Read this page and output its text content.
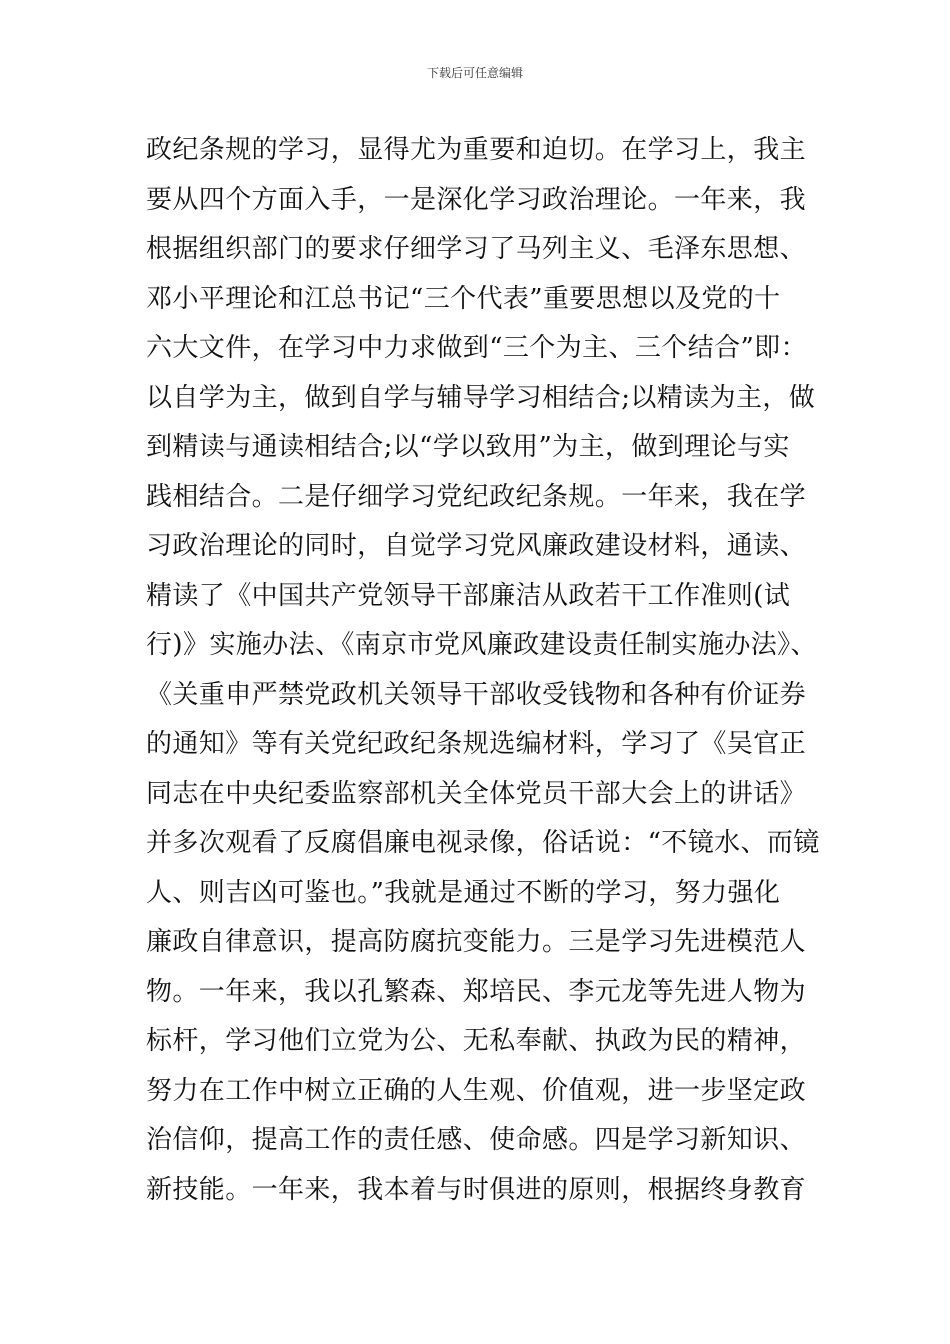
下载后可任意编辑
政纪条规的学习，显得尤为重要和迫切。在学习上，我主
要从四个方面入手，一是深化学习政治理论。一年来，我
根据组织部门的要求仔细学习了马列主义、毛泽东思想、
邓小平理论和江总书记“三个代表”重要思想以及党的十
六大文件，在学习中力求做到“三个为主、三个结合”即：
以自学为主，做到自学与辅导学习相结合;以精读为主，做
到精读与通读相结合;以“学以致用”为主，做到理论与实
践相结合。二是仔细学习党纪政纪条规。一年来，我在学
习政治理论的同时，自觉学习党风廉政建设材料，通读、
精读了《中国共产党领导干部廉洁从政若干工作准则(试
行)》实施办法、《南京市党风廉政建设责任制实施办法》、
《关重申严禁党政机关领导干部收受钱物和各种有价证券
的通知》等有关党纪政纪条规选编材料，学习了《吴官正
同志在中央纪委监察部机关全体党员干部大会上的讲话》
并多次观看了反腐倡廉电视录像，俗话说：“不镜水、而镜
人、则吉凶可鉴也。”我就是通过不断的学习，努力强化
廉政自律意识，提高防腐抗变能力。三是学习先进模范人
物。一年来，我以孔繁森、郑培民、李元龙等先进人物为
标杆，学习他们立党为公、无私奉献、执政为民的精神，
努力在工作中树立正确的人生观、价值观，进一步坚定政
治信仰，提高工作的责任感、使命感。四是学习新知识、
新技能。一年来，我本着与时俱进的原则，根据终身教育
